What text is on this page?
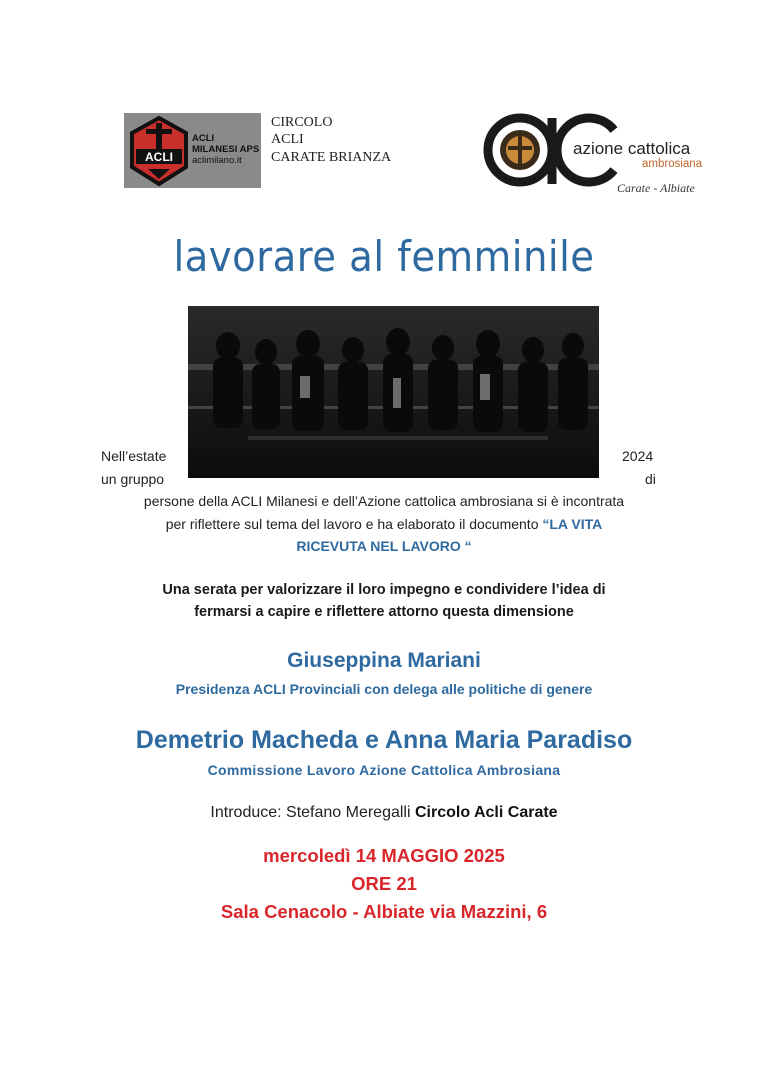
ACLI
ACLI
MILANESI APS
aclimilano.it
CIRCOLO
ACLI
CARATE BRIANZA	azione cattolica
ambrosiana
Carate - Albiate
lavorare al femminile
Nell’estate	2024
un gruppo	di
persone della ACLI Milanesi e dell’Azione cattolica ambrosiana si è incontrata
per riflettere sul tema del lavoro e ha elaborato il documento “LA VITA
RICEVUTA NEL LAVORO “
Una serata per valorizzare il loro impegno e condividere l’idea di
fermarsi a capire e riflettere attorno questa dimensione
Giuseppina Mariani
Presidenza ACLI Provinciali con delega alle politiche di genere
Demetrio Macheda e Anna Maria Paradiso
Commissione Lavoro Azione Cattolica Ambrosiana
Introduce: Stefano Meregalli Circolo Acli Carate
mercoledì 14 MAGGIO 2025
ORE 21
Sala Cenacolo - Albiate via Mazzini, 6
